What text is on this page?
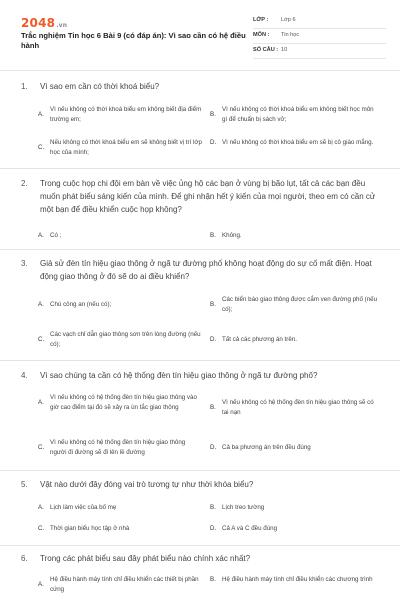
2048.vn
Trắc nghiệm Tin học 6 Bài 9 (có đáp án): Vì sao cần có hệ điều hành
LỚP : Lớp 6
MÔN : Tin học
SỐ CÂU : 10
1.	Vì sao em cần có thời khoá biểu?
A.
Vì nếu không có thời khoá biểu em không biết địa điểm trường em;
B.
Vì nếu không có thời khoá biểu em không biết học môn gì để chuẩn bị sách vở;
C.
Nếu không có thời khoá biểu em sẽ không biết vị trí lớp học của mình;
D. Vì nếu không có thời khoá biểu em sẽ bị cô giáo mắng.
2.	Trong cuộc họp chi đội em bàn về việc ủng hộ các bạn ở vùng bị bão lụt, tất cả các bạn đều muốn phát biểu sáng kiến của mình. Để ghi nhận hết ý kiến của mọi người, theo em có cần cử một bạn để điều khiển cuộc họp không?
A. Có ;	B. Không.
3.	Giả sử đèn tín hiệu giao thông ở ngã tư đường phố không hoạt động do sự cố mất điện. Hoạt động giao thông ở đó sẽ do ai điều khiển?
A. Chú công an (nếu có);	B.
Các biển báo giao thông được cắm ven đường phố (nếu có);
C.
Các vạch chỉ dẫn giao thông sơn trên lòng đường (nếu có);
D. Tất cả các phương án trên.
4.	Vì sao chúng ta cần có hệ thống đèn tín hiệu giao thông ở ngã tư đường phố?
A.
Vì nếu không có hệ thống đèn tín hiệu giao thông vào giờ cao điểm tại đó sẽ xảy ra ùn tắc giao thông	B.
Vì nếu không có hệ thống đèn tín hiệu giao thông sẽ có tai nạn
C.
Vì nếu không có hệ thống đèn tín hiệu giao thông người đi đường sẽ đi lên lề đường
D. Cả ba phương án trên đều đúng
5.	Vật nào dưới đây đóng vai trò tương tự như thời khóa biểu?
A. Lịch làm việc của bố mẹ	B. Lịch treo tường
C. Thời gian biểu học tập ở nhà	D. Cả A và C đều đúng
6.	Trong các phát biểu sau đây phát biểu nào chính xác nhất?
A.
Hệ điều hành máy tính chỉ điều khiển các thiết bị phần cứng
B. Hệ điều hành máy tính chỉ điều khiển các chương trình
